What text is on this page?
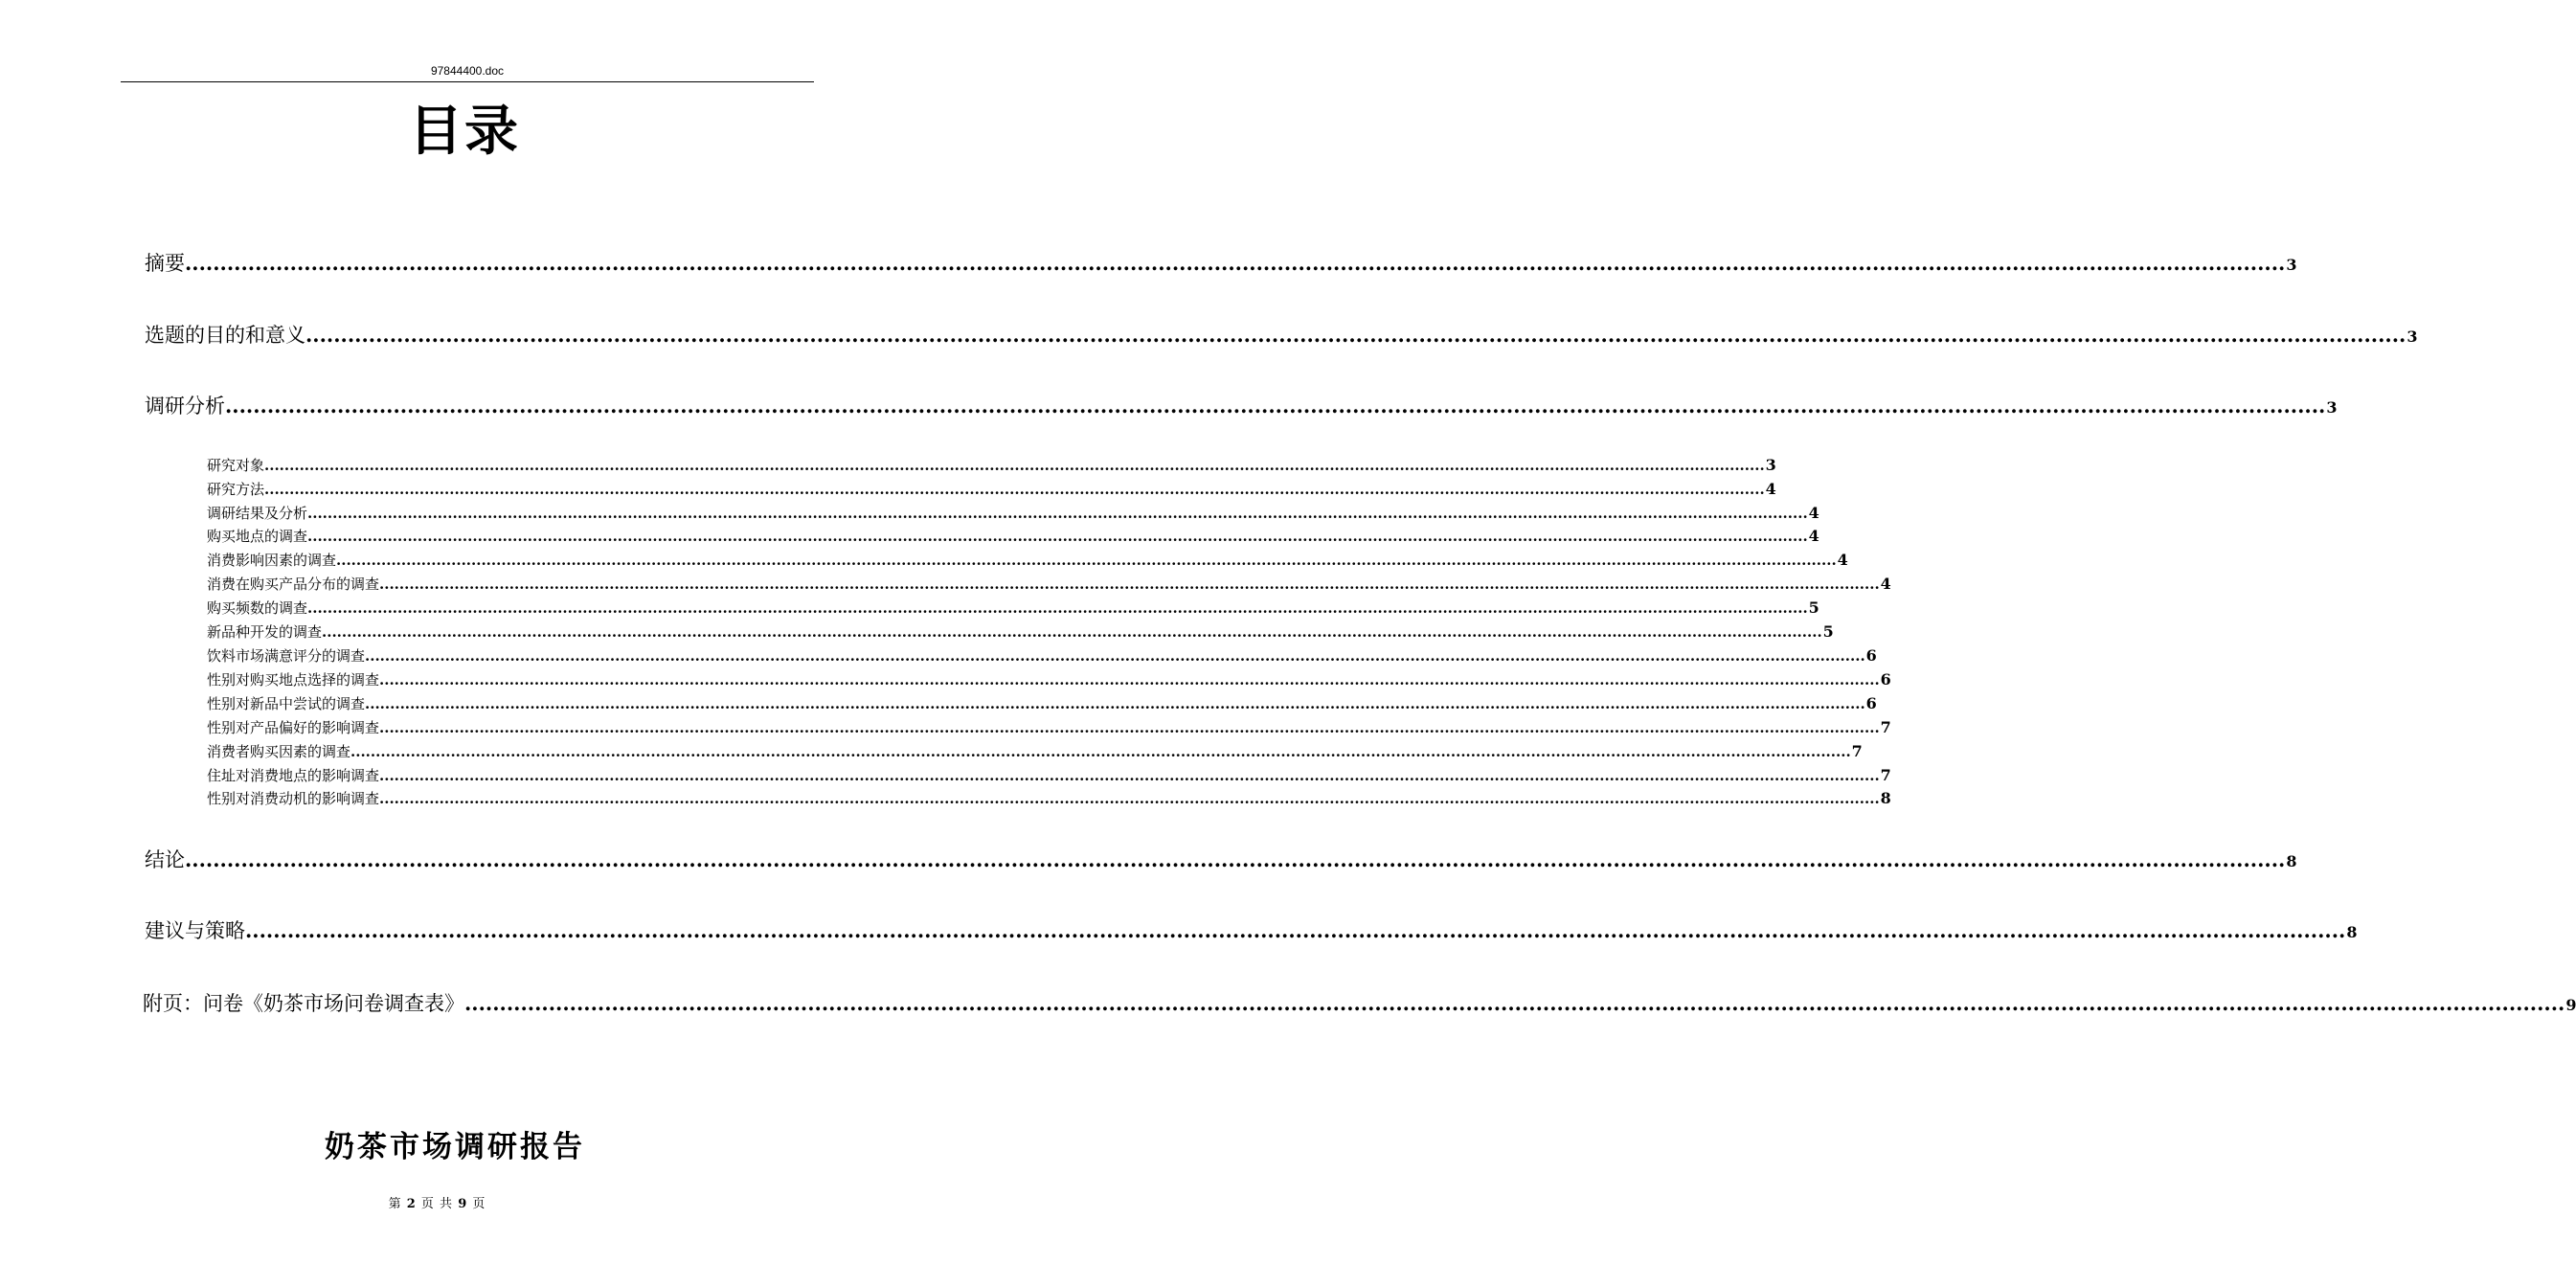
97844400.doc
目录
摘要 ............................................................................................................................................................................................................................................................................................................ 3
选题的目的和意义 ............................................................................................................................................................................................................................................................................................................ 3
调研分析 ............................................................................................................................................................................................................................................................................................................ 3
研究对象 ............................................................................................................................................................................................................................................................................................................ 3
研究方法 ............................................................................................................................................................................................................................................................................................................ 4
调研结果及分析 ............................................................................................................................................................................................................................................................................................................ 4
购买地点的调查 ............................................................................................................................................................................................................................................................................................................ 4
消费影响因素的调查 ............................................................................................................................................................................................................................................................................................................ 4
消费在购买产品分布的调查 ............................................................................................................................................................................................................................................................................................................ 4
购买频数的调查 ............................................................................................................................................................................................................................................................................................................ 5
新品种开发的调查 ............................................................................................................................................................................................................................................................................................................ 5
饮料市场满意评分的调查 ............................................................................................................................................................................................................................................................................................................ 6
性别对购买地点选择的调查 ............................................................................................................................................................................................................................................................................................................ 6
性别对新品中尝试的调查 ............................................................................................................................................................................................................................................................................................................ 6
性别对产品偏好的影响调查 ............................................................................................................................................................................................................................................................................................................ 7
消费者购买因素的调查 ............................................................................................................................................................................................................................................................................................................ 7
住址对消费地点的影响调查 ............................................................................................................................................................................................................................................................................................................ 7
性别对消费动机的影响调查 ............................................................................................................................................................................................................................................................................................................ 8
结论 ............................................................................................................................................................................................................................................................................................................ 8
建议与策略 ............................................................................................................................................................................................................................................................................................................ 8
附页：问卷《奶茶市场问卷调查表》 ............................................................................................................................................................................................................................................................................................................ 9
奶茶市场调研报告
第 2 页 共 9 页
